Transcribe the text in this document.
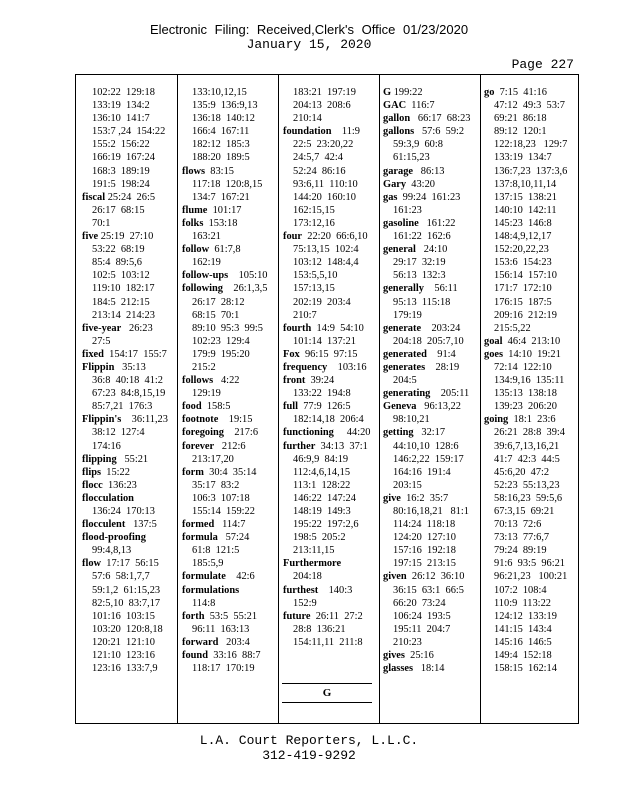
Electronic Filing: Received,Clerk's Office 01/23/2020
January 15, 2020
Page 227
102:22  129:18
133:19  134:2
136:10  141:7
153:7 ,24  154:22
155:2  156:22
166:19  167:24
168:3  189:19
191:5  198:24
fiscal 25:24  26:5
26:17  68:15
70:1
five 25:19  27:10
53:22  68:19
85:4  89:5,6
102:5  103:12
119:10  182:17
184:5  212:15
213:14  214:23
five-year   26:23
27:5
fixed  154:17  155:7
Flippin   35:13
36:8  40:18  41:2
67:23  84:8,15,19
85:7,21  176:3
Flippin's    36:11,23
38:12  127:4
174:16
flipping   55:21
flips  15:22
flocc  136:23
flocculation
136:24  170:13
flocculent   137:5
flood-proofing
99:4,8,13
flow  17:17  56:15
57:6  58:1,7,7
59:1,2  61:15,23
82:5,10  83:7,17
101:16  103:15
103:20  120:8,18
120:21  121:10
121:10  123:16
123:16  133:7,9
133:10,12,15
135:9  136:9,13
136:18  140:12
166:4  167:11
182:12  185:3
188:20  189:5
flows  83:15
117:18  120:8,15
134:7  167:21
flume  101:17
folks  153:18
163:21
follow  61:7,8
162:19
follow-ups    105:10
following    26:1,3,5
26:17  28:12
68:15  70:1
89:10  95:3  99:5
102:23  129:4
179:9  195:20
215:2
follows   4:22
129:19
food  158:5
footnote    19:15
foregoing    217:6
forever   212:6
213:17,20
form  30:4  35:14
35:17  83:2
106:3  107:18
155:14  159:22
formed   114:7
formula   57:24
61:8  121:5
185:5,9
formulate    42:6
formulations
114:8
forth  53:5  55:21
96:11  163:13
forward   203:4
found  33:16  88:7
118:17  170:19
183:21  197:19
204:13  208:6
210:14
foundation    11:9
22:5  23:20,22
24:5,7  42:4
52:24  86:16
93:6,11  110:10
144:20  160:10
162:15,15
173:12,16
four  22:20  66:6,10
75:13,15  102:4
103:12  148:4,4
153:5,5,10
157:13,15
202:19  203:4
210:7
fourth  14:9  54:10
101:14  137:21
Fox  96:15  97:15
frequency    103:16
front  39:24
133:22  194:8
full  77:9  126:5
182:14,18  206:4
functioning     44:20
further  34:13  37:1
46:9,9  84:19
112:4,6,14,15
113:1  128:22
146:22  147:24
148:19  149:3
195:22  197:2,6
198:5  205:2
213:11,15
Furthermore
204:18
furthest    140:3
152:9
future  26:11  27:2
28:8  136:21
154:11,11  211:8
G 199:22
GAC  116:7
gallon   66:17  68:23
gallons   57:6  59:2
59:3,9  60:8
61:15,23
garage   86:13
Gary  43:20
gas  99:24  161:23
161:23
gasoline   161:22
161:22  162:6
general   24:10
29:17  32:19
56:13  132:3
generally    56:11
95:13  115:18
179:19
generate    203:24
204:18  205:7,10
generated    91:4
generates    28:19
204:5
generating    205:11
Geneva   96:13,22
98:10,21
getting   32:17
44:10,10  128:6
146:2,22  159:17
164:16  191:4
203:15
give  16:2  35:7
80:16,18,21   81:1
114:24  118:18
124:20  127:10
157:16  192:18
197:15  213:15
given  26:12  36:10
36:15  63:1  66:5
66:20  73:24
106:24  193:5
195:11  204:7
210:23
gives  25:16
glasses   18:14
go  7:15  41:16
47:12  49:3  53:7
69:21  86:18
89:12  120:1
122:18,23   129:7
133:19  134:7
136:7,23  137:3,6
137:8,10,11,14
137:15  138:21
140:10  142:11
145:23  146:8
148:4,9,12,17
152:20,22,23
153:6  154:23
156:14  157:10
171:7  172:10
176:15  187:5
209:16  212:19
215:5,22
goal  46:4  213:10
goes  14:10  19:21
72:14  122:10
134:9,16  135:11
135:13  138:18
139:23  206:20
going  18:1  23:6
26:21  28:8  39:4
39:6,7,13,16,21
41:7  42:3  44:5
45:6,20  47:2
52:23  55:13,23
58:16,23  59:5,6
67:3,15  69:21
70:13  72:6
73:13  77:6,7
79:24  89:19
91:6  93:5  96:21
96:21,23   100:21
107:2  108:4
110:9  113:22
124:12  133:19
141:15  143:4
145:16  146:5
149:4  152:18
158:15  162:14
G
L.A. Court Reporters, L.L.C.
312-419-9292
